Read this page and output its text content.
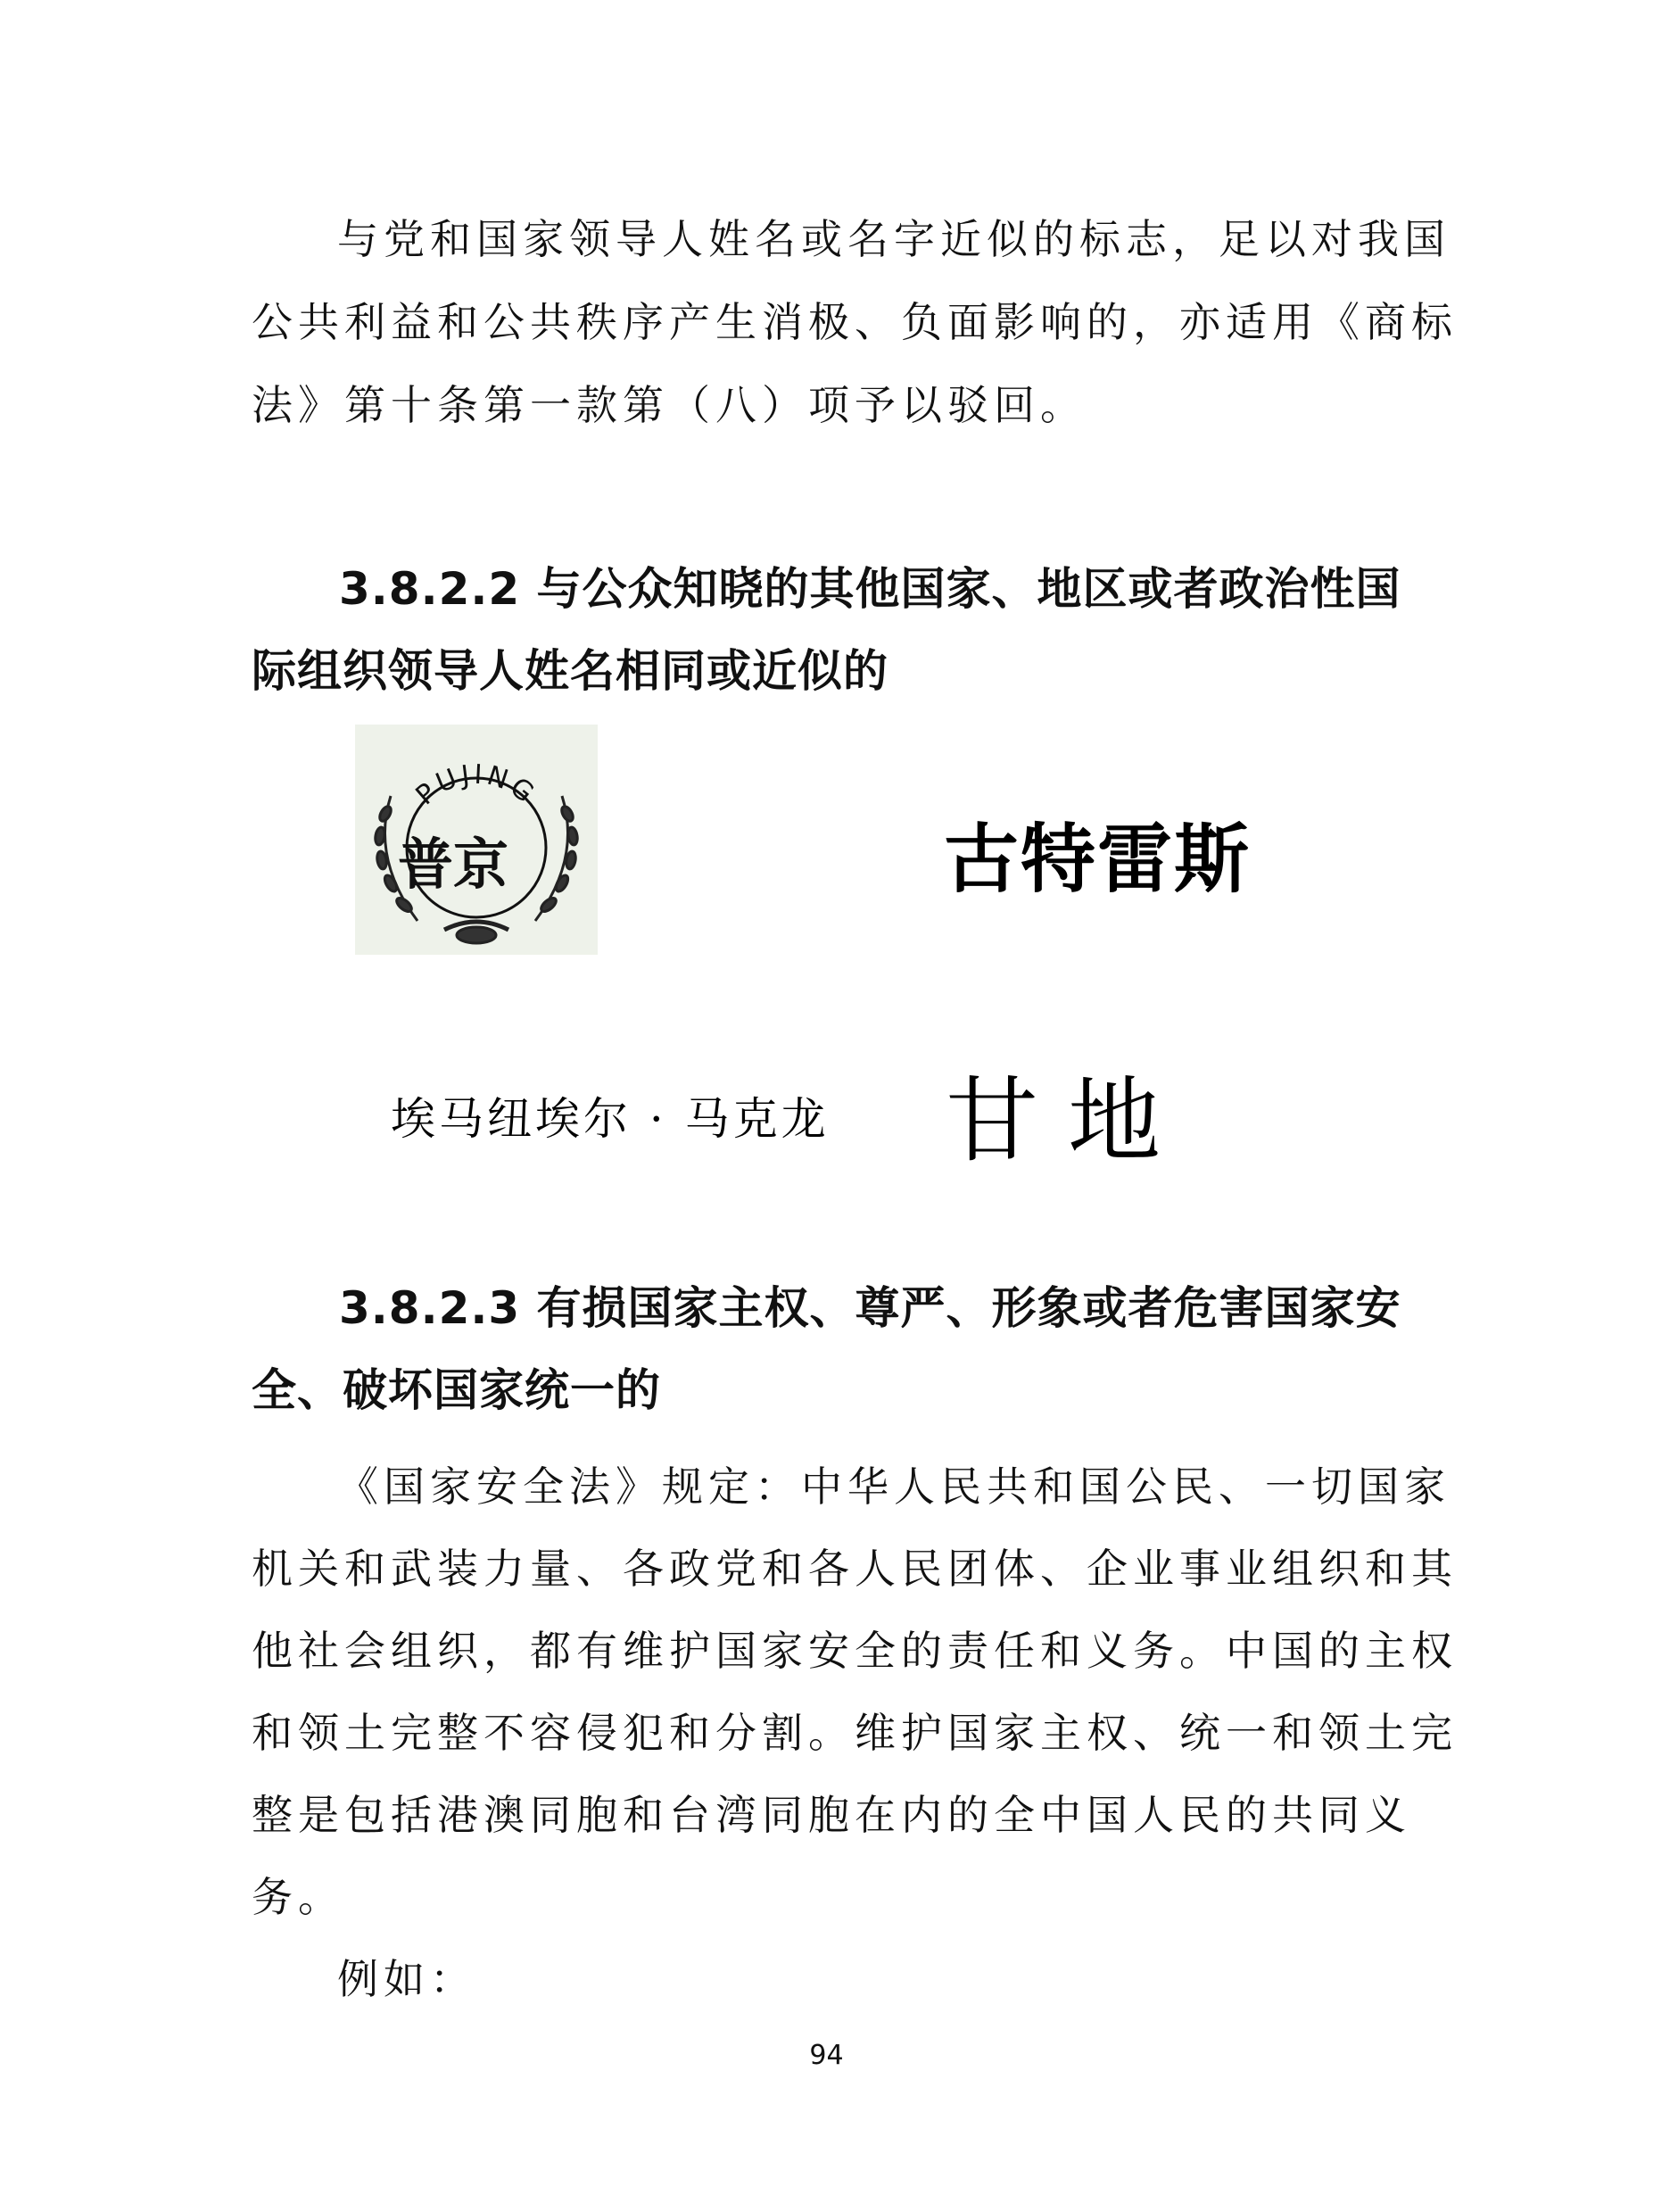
与党和国家领导人姓名或名字近似的标志，足以对我国
公共利益和公共秩序产生消极、负面影响的，亦适用《商标
法》第十条第一款第（八）项予以驳回。
3.8.2.2 与公众知晓的其他国家、地区或者政治性国
际组织领导人姓名相同或近似的
PUJING
普京	古特雷斯
埃马纽埃尔 · 马克龙 甘 地
3.8.2.3 有损国家主权、尊严、形象或者危害国家安
全、破坏国家统一的
《国家安全法》规定：中华人民共和国公民、一切国家
机关和武装力量、各政党和各人民团体、企业事业组织和其
他社会组织，都有维护国家安全的责任和义务。中国的主权
和领土完整不容侵犯和分割。维护国家主权、统一和领土完
整是包括港澳同胞和台湾同胞在内的全中国人民的共同义
务。
例如：
94
